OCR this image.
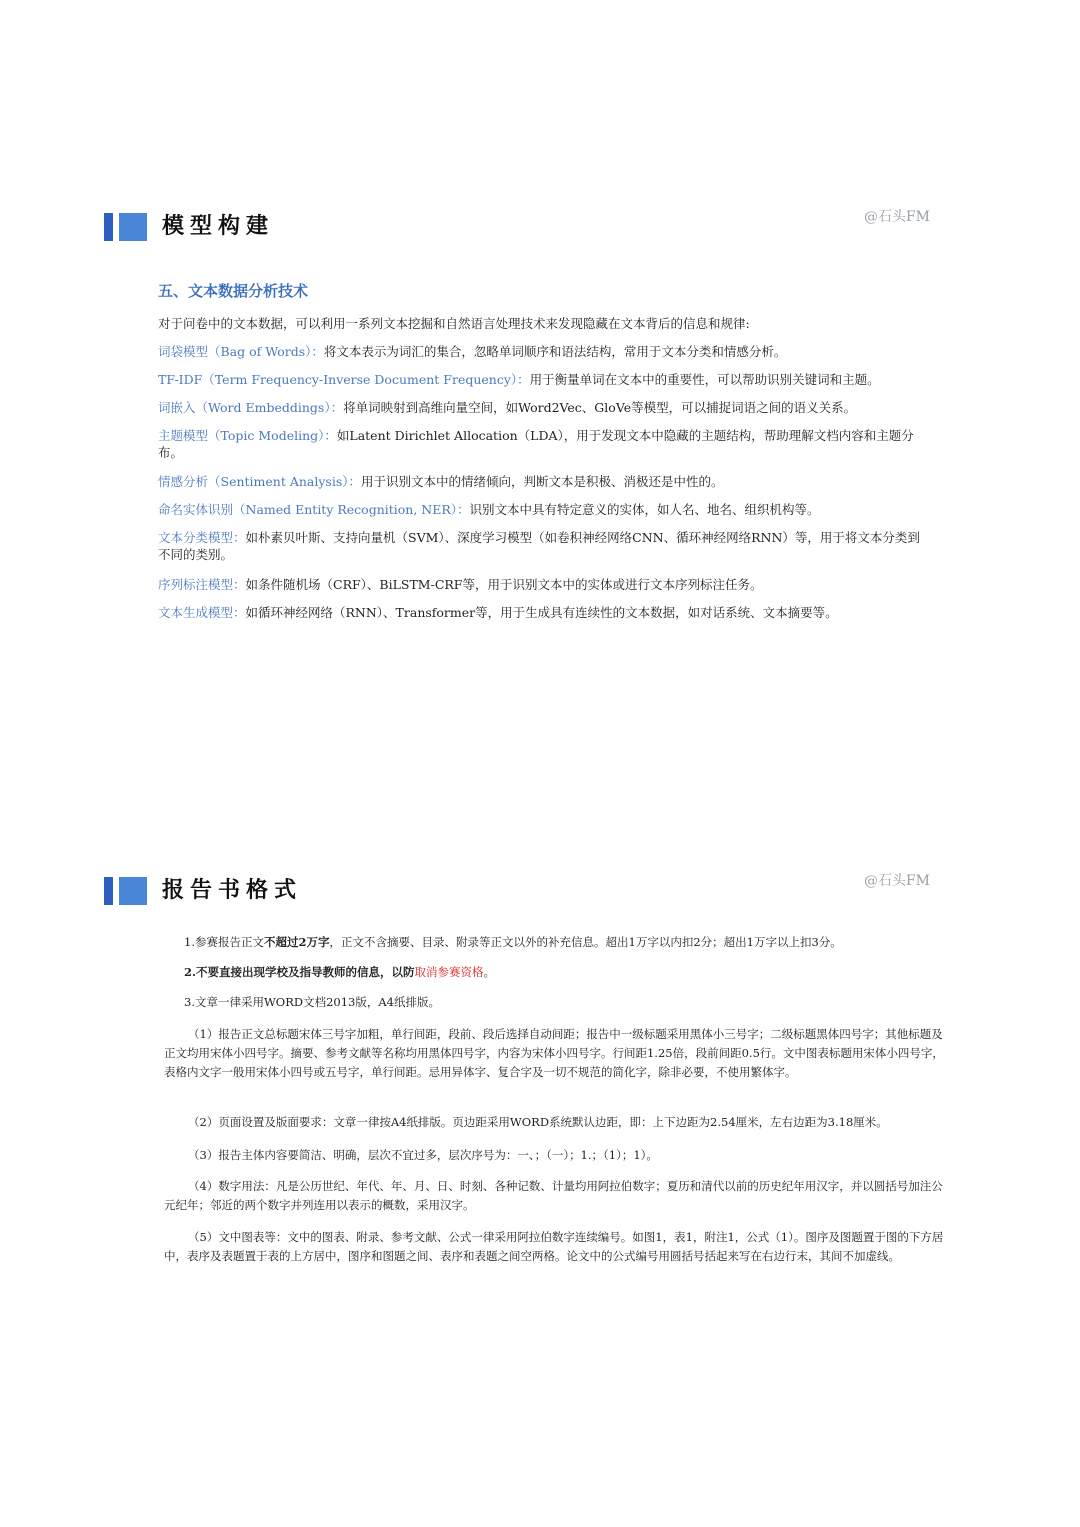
模型构建	@石头FM
五、文本数据分析技术
对于问卷中的文本数据，可以利用一系列文本挖掘和自然语言处理技术来发现隐藏在文本背后的信息和规律:
词袋模型（Bag of Words）：将文本表示为词汇的集合，忽略单词顺序和语法结构，常用于文本分类和情感分析。
TF-IDF（Term Frequency-Inverse Document Frequency）：用于衡量单词在文本中的重要性，可以帮助识别关键词和主题。
词嵌入（Word Embeddings）：将单词映射到高维向量空间，如Word2Vec、GloVe等模型，可以捕捉词语之间的语义关系。
主题模型（Topic Modeling）：如Latent Dirichlet Allocation（LDA），用于发现文本中隐藏的主题结构，帮助理解文档内容和主题分布。
情感分析（Sentiment Analysis）：用于识别文本中的情绪倾向，判断文本是积极、消极还是中性的。
命名实体识别（Named Entity Recognition, NER）：识别文本中具有特定意义的实体，如人名、地名、组织机构等。
文本分类模型：如朴素贝叶斯、支持向量机（SVM）、深度学习模型（如卷积神经网络CNN、循环神经网络RNN）等，用于将文本分类到不同的类别。
序列标注模型：如条件随机场（CRF）、BiLSTM-CRF等，用于识别文本中的实体或进行文本序列标注任务。
文本生成模型：如循环神经网络（RNN）、Transformer等，用于生成具有连续性的文本数据，如对话系统、文本摘要等。
报告书格式	@石头FM
1.参赛报告正文不超过2万字，正文不含摘要、目录、附录等正文以外的补充信息。超出1万字以内扣2分；超出1万字以上扣3分。
2.不要直接出现学校及指导教师的信息，以防取消参赛资格。
3.文章一律采用WORD文档2013版，A4纸排版。
（1）报告正文总标题宋体三号字加粗，单行间距，段前、段后选择自动间距；报告中一级标题采用黑体小三号字；二级标题黑体四号字；其他标题及正文均用宋体小四号字。摘要、参考文献等名称均用黑体四号字，内容为宋体小四号字。行间距1.25倍，段前间距0.5行。文中图表标题用宋体小四号字，表格内文字一般用宋体小四号或五号字，单行间距。忌用异体字、复合字及一切不规范的简化字，除非必要，不使用繁体字。
（2）页面设置及版面要求：文章一律按A4纸排版。页边距采用WORD系统默认边距，即：上下边距为2.54厘米，左右边距为3.18厘米。
（3）报告主体内容要简洁、明确，层次不宜过多，层次序号为：一、；（一）；1.；（1）；1）。
（4）数字用法：凡是公历世纪、年代、年、月、日、时刻、各种记数、计量均用阿拉伯数字；夏历和清代以前的历史纪年用汉字，并以圆括号加注公元纪年；邻近的两个数字并列连用以表示的概数，采用汉字。
（5）文中图表等：文中的图表、附录、参考文献、公式一律采用阿拉伯数字连续编号。如图1，表1，附注1，公式（1）。图序及图题置于图的下方居中，表序及表题置于表的上方居中，图序和图题之间、表序和表题之间空两格。论文中的公式编号用圆括号括起来写在右边行末，其间不加虚线。
